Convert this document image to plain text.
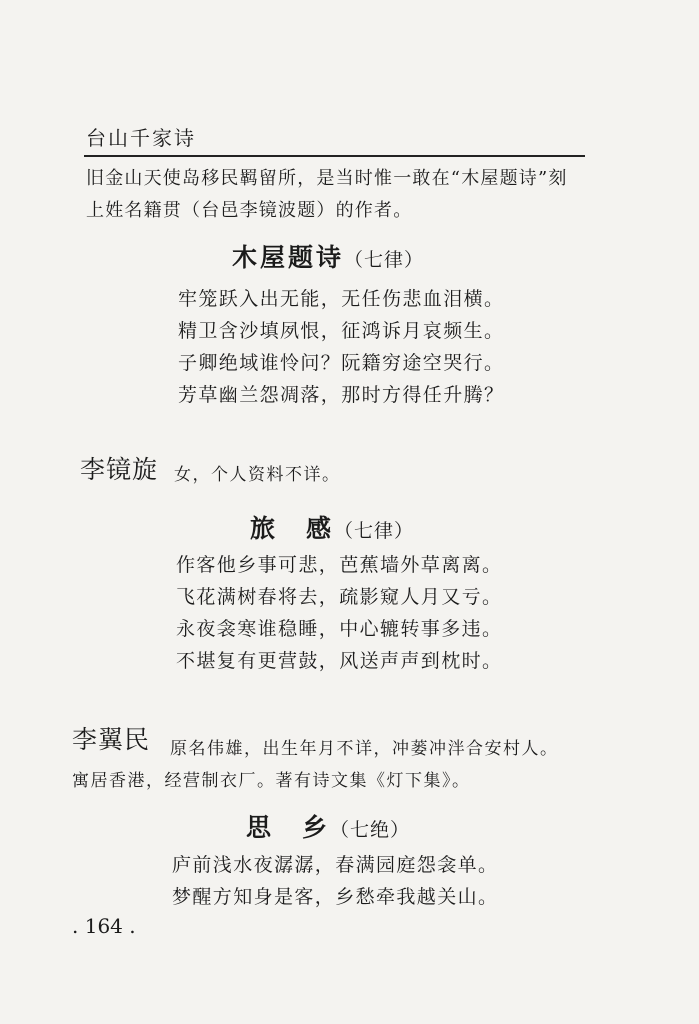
台山千家诗
旧金山天使岛移民羁留所，是当时惟一敢在“木屋题诗”刻
上姓名籍贯（台邑李镜波题）的作者。
木屋题诗（七律）
牢笼跃入出无能，无任伤悲血泪横。
精卫含沙填夙恨，征鸿诉月哀频生。
子卿绝域谁怜问？阮籍穷途空哭行。
芳草幽兰怨凋落，那时方得任升腾？
李镜旋 女，个人资料不详。
旅　感（七律）
作客他乡事可悲，芭蕉墙外草离离。
飞花满树春将去，疏影窥人月又亏。
永夜衾寒谁稳睡，中心辘转事多违。
不堪复有更营鼓，风送声声到枕时。
李翼民 原名伟雄，出生年月不详，冲蒌冲泮合安村人。
寓居香港，经营制衣厂。著有诗文集《灯下集》。
思　乡（七绝）
庐前浅水夜潺潺，春满园庭怨衾单。
梦醒方知身是客，乡愁牵我越关山。
. 164 .
